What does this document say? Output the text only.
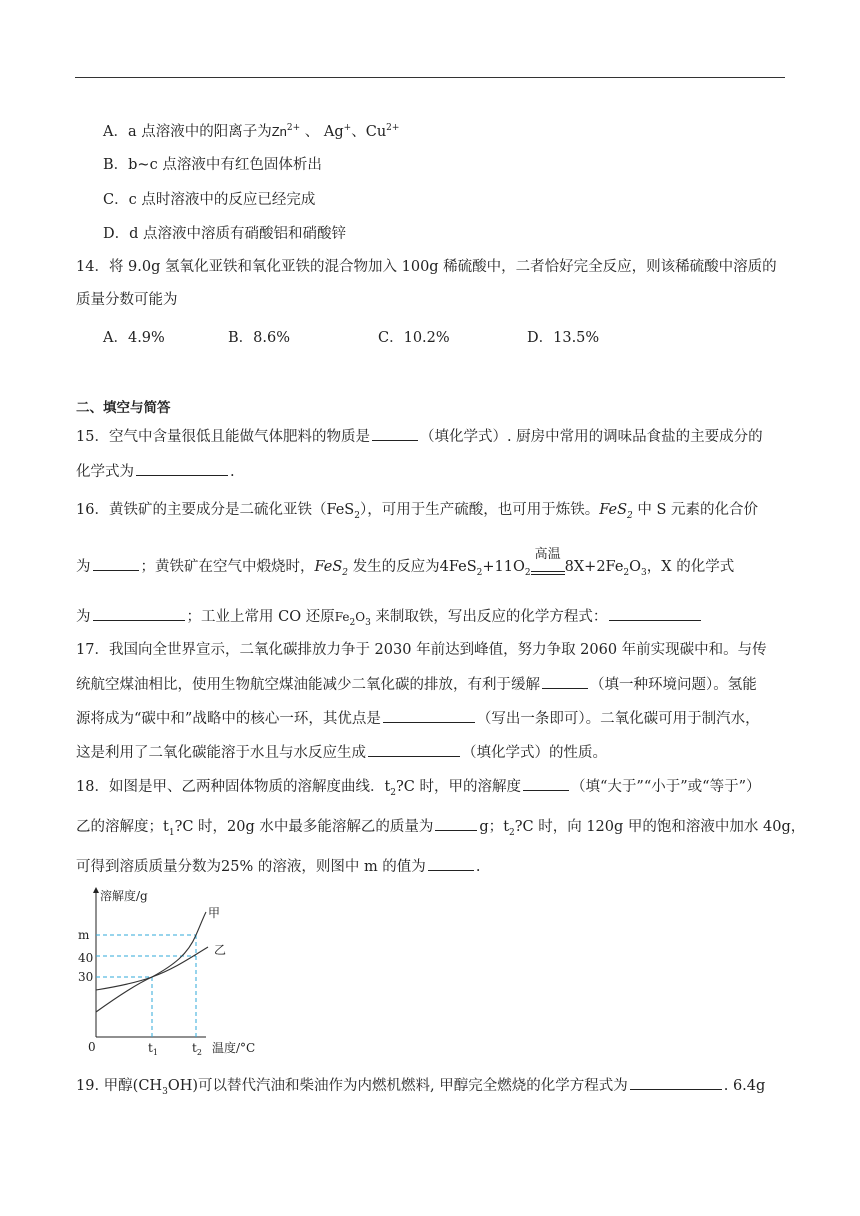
A．a 点溶液中的阳离子为$Zn^{2+}$ 、 Ag+、$Cu^{2+}$
B．b~c 点溶液中有红色固体析出
C．c 点时溶液中的反应已经完成
D．d 点溶液中溶质有硝酸铝和硝酸锌
14．将 9.0g 氢氧化亚铁和氧化亚铁的混合物加入 100g 稀硫酸中，二者恰好完全反应，则该稀硫酸中溶质的
质量分数可能为
A．4.9%	B．8.6%	C．10.2%	D．13.5%
二、填空与简答
15．空气中含量很低且能做气体肥料的物质是	（填化学式）. 厨房中常用的调味品食盐的主要成分的
化学式为	.
16．黄铁矿的主要成分是二硫化亚铁（FeS$_2$），可用于生产硫酸，也可用于炼铁。FeS$_2$ 中 S 元素的化合价
为	；黄铁矿在空气中煅烧时，FeS$_2$ 发生的反应为$4FeS_2+11O_2$
高温
$8X+2Fe_2O_3$，X 的化学式
为	；工业上常用 CO 还原$Fe_2O_3$ 来制取铁，写出反应的化学方程式：
17．我国向全世界宣示，二氧化碳排放力争于 2030 年前达到峰值，努力争取 2060 年前实现碳中和。与传
统航空煤油相比，使用生物航空煤油能减少二氧化碳的排放，有利于缓解	（填一种环境问题）。氢能
源将成为“碳中和”战略中的核心一环，其优点是	（写出一条即可）。二氧化碳可用于制汽水，
这是利用了二氧化碳能溶于水且与水反应生成	（填化学式）的性质。
18．如图是甲、乙两种固体物质的溶解度曲线．$t_2?C$ 时，甲的溶解度	（填“大于”“小于”或“等于”）
乙的溶解度；$t_1?C$ 时，20g 水中最多能溶解乙的质量为	g；$t_2?C$ 时，向 120g 甲的饱和溶液中加水 40g，
可得到溶质质量分数为25% 的溶液，则图中 m 的值为	.
溶解度/g
温度/°C
0
m
40
30
$t_1$	$t_2$
甲
乙
19. 甲醇$(CH_3OH)$可以替代汽油和柴油作为内燃机燃料, 甲醇完全燃烧的化学方程式为	. 6.4g
